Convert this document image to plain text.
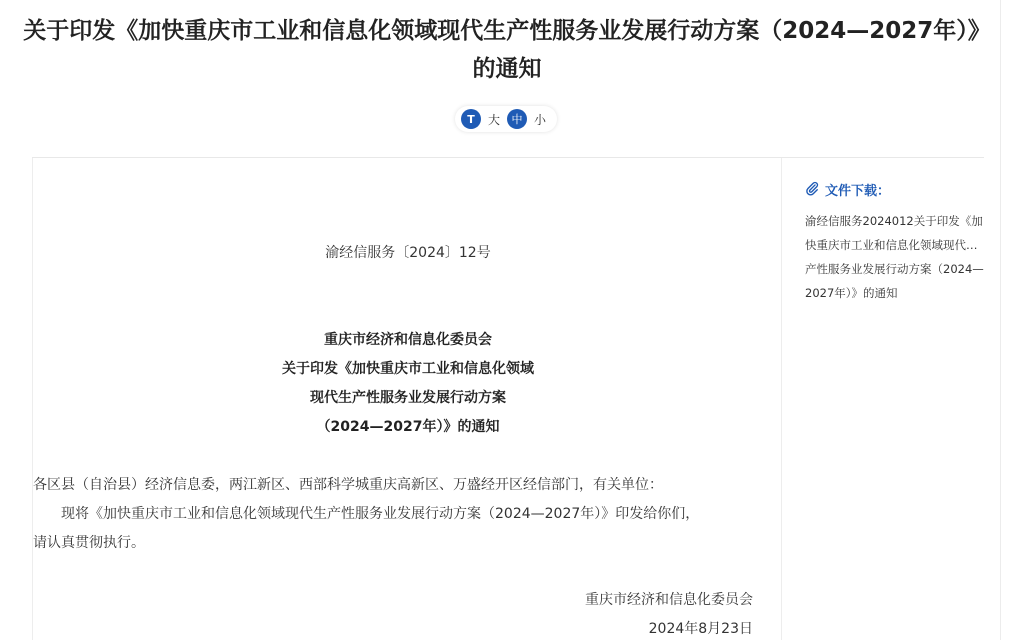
关于印发《加快重庆市工业和信息化领域现代生产性服务业发展行动方案（2024—2027年）》
的通知
T	大	中 小
渝经信服务〔2024〕12号
重庆市经济和信息化委员会
关于印发《加快重庆市工业和信息化领域
现代生产性服务业发展行动方案
（2024—2027年）》的通知
各区县（自治县）经济信息委，两江新区、西部科学城重庆高新区、万盛经开区经信部门，有关单位：
现将《加快重庆市工业和信息化领域现代生产性服务业发展行动方案（2024—2027年）》印发给你们，
请认真贯彻执行。
重庆市经济和信息化委员会
2024年8月23日
文件下载：
渝经信服务2024012关于印发《加快重庆市工业和信息化领域现代生产性服务业发展行动方案（2024—2027年）》的通知
